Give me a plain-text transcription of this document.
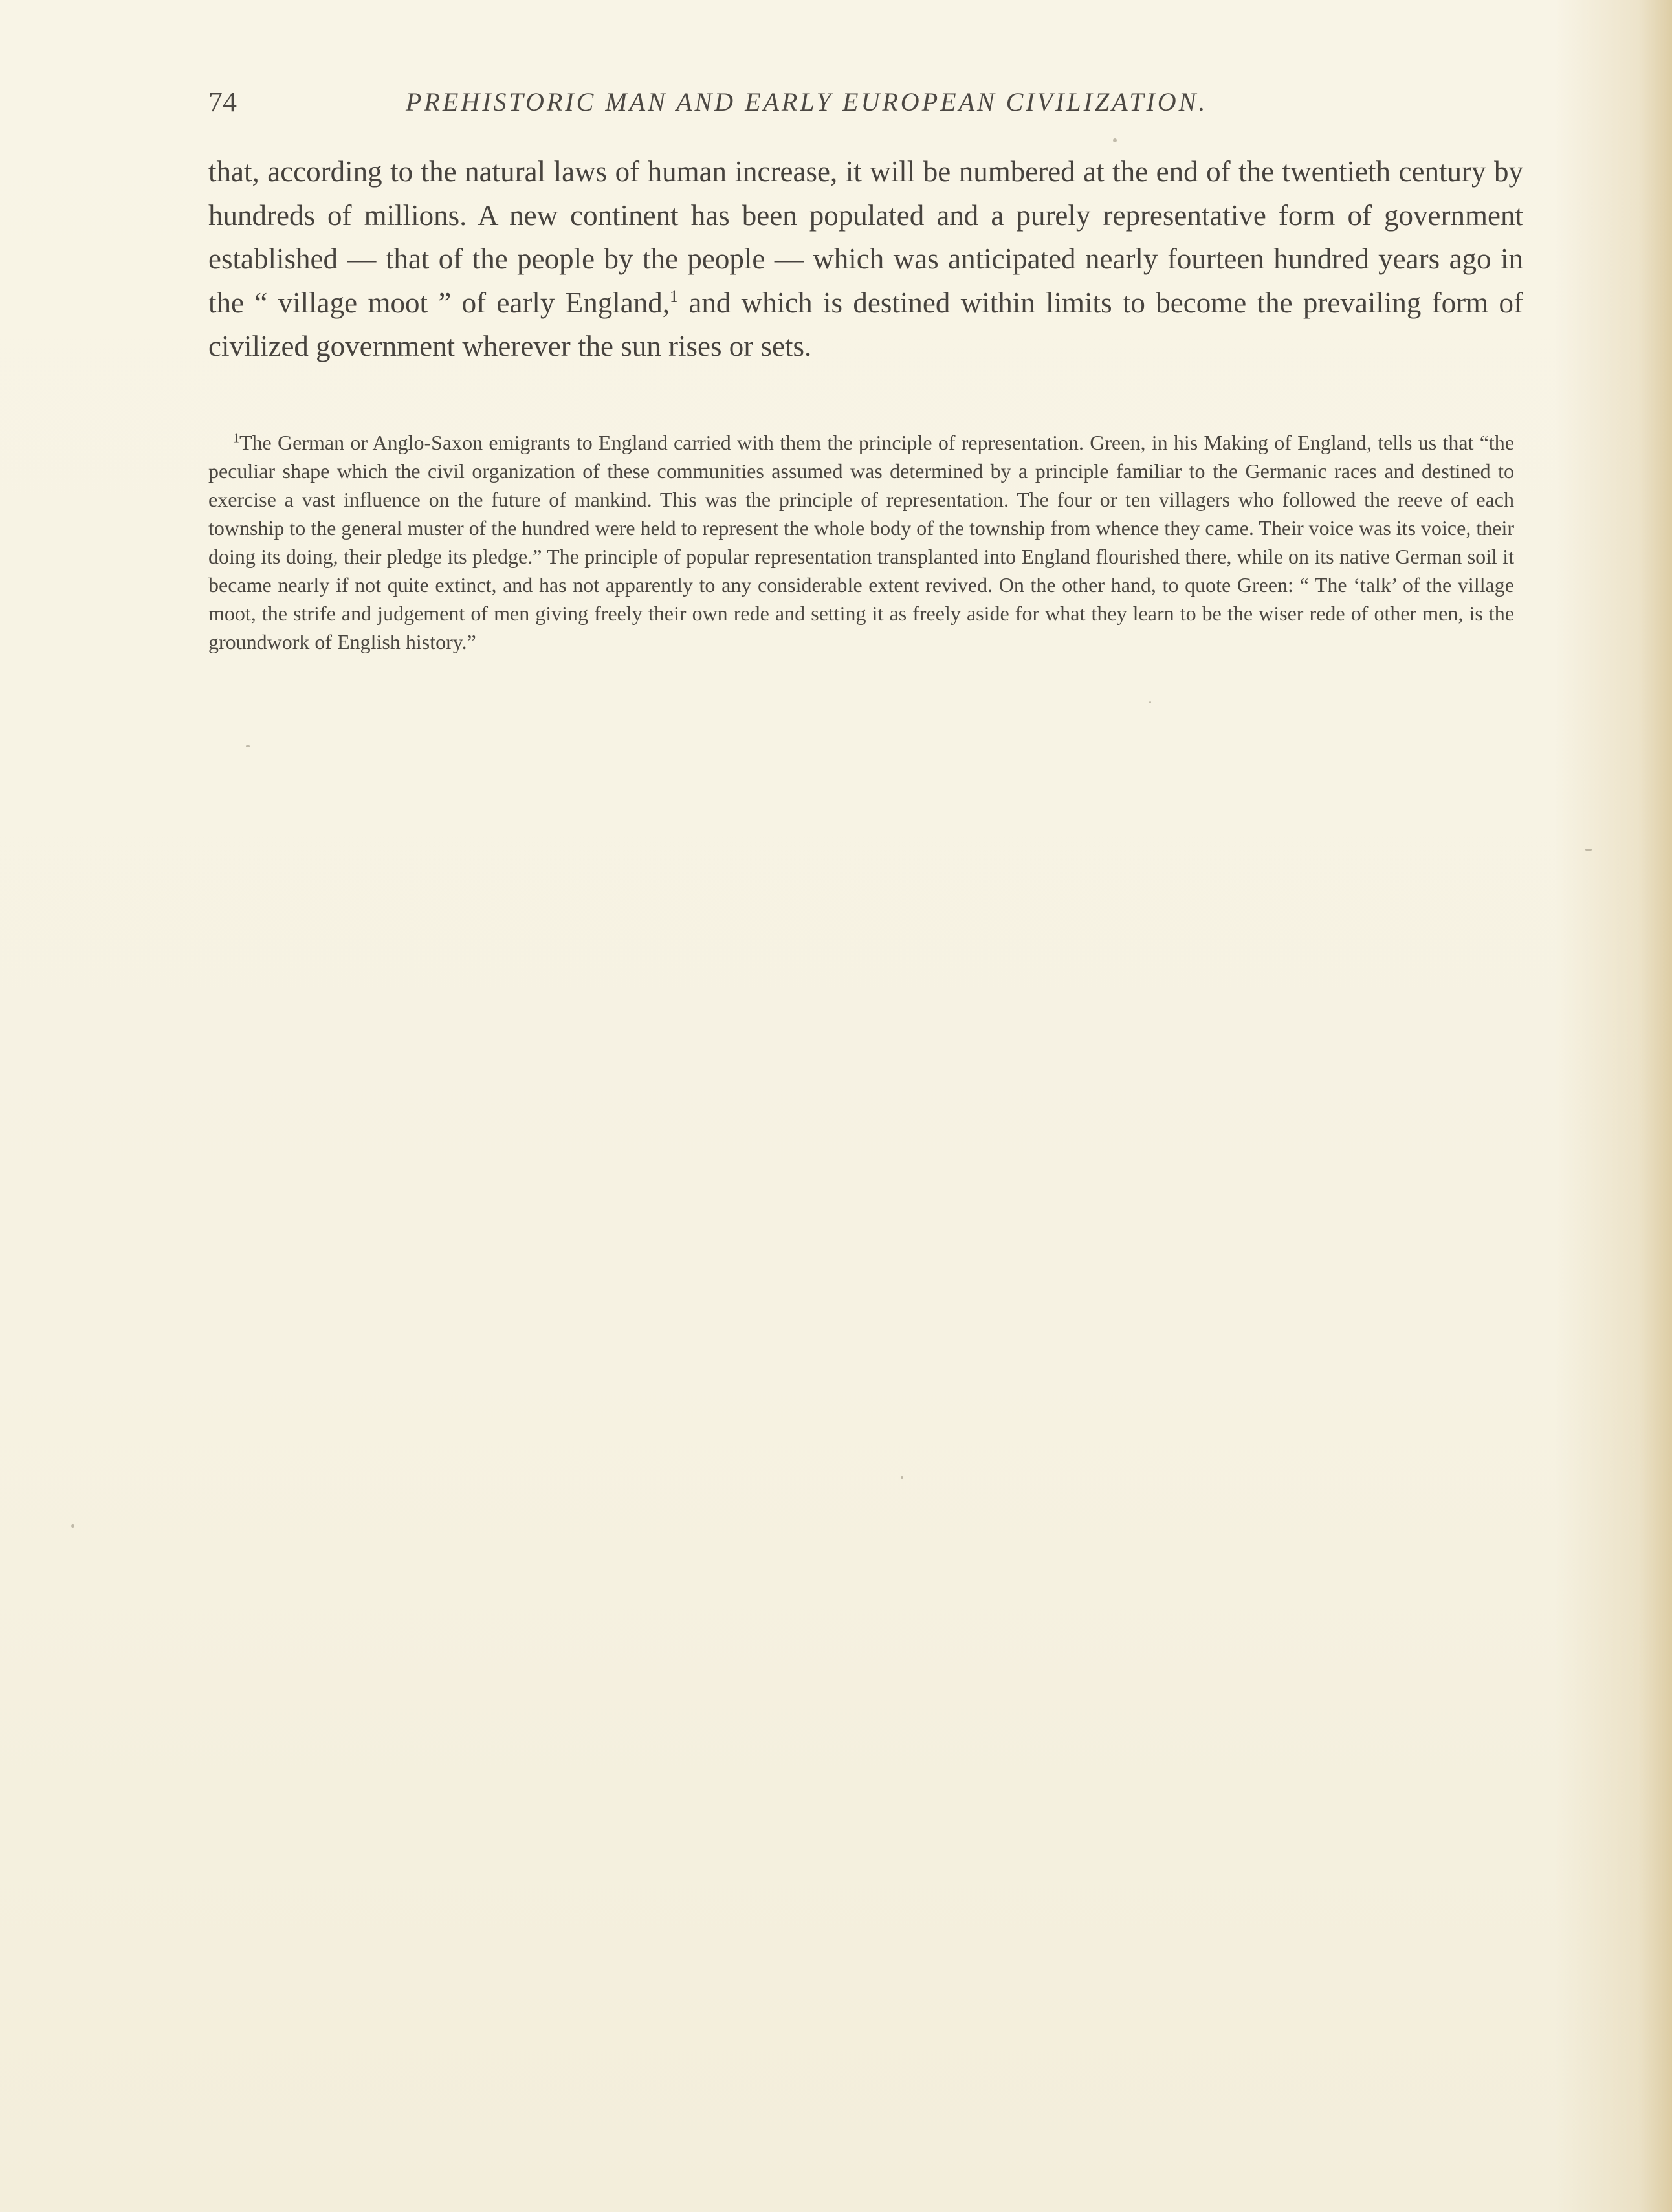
74	PREHISTORIC MAN AND EARLY EUROPEAN CIVILIZATION.

that, according to the natural laws of human increase, it will be numbered at the end of the twentieth century by hundreds of millions. A new continent has been populated and a purely representative form of government established — that of the people by the people — which was anticipated nearly fourteen hundred years ago in the “ village moot ” of early England,$^1$ and which is destined within limits to become the prevailing form of civilized government wherever the sun rises or sets.

$^1$The German or Anglo-Saxon emigrants to England carried with them the principle of representation. Green, in his Making of England, tells us that “the peculiar shape which the civil organization of these communities assumed was determined by a principle familiar to the Germanic races and destined to exercise a vast influence on the future of mankind. This was the principle of representation. The four or ten villagers who followed the reeve of each township to the general muster of the hundred were held to represent the whole body of the township from whence they came. Their voice was its voice, their doing its doing, their pledge its pledge.” The principle of popular representation transplanted into England flourished there, while on its native German soil it became nearly if not quite extinct, and has not apparently to any considerable extent revived. On the other hand, to quote Green: “ The ‘talk’ of the village moot, the strife and judgement of men giving freely their own rede and setting it as freely aside for what they learn to be the wiser rede of other men, is the groundwork of English history.”
